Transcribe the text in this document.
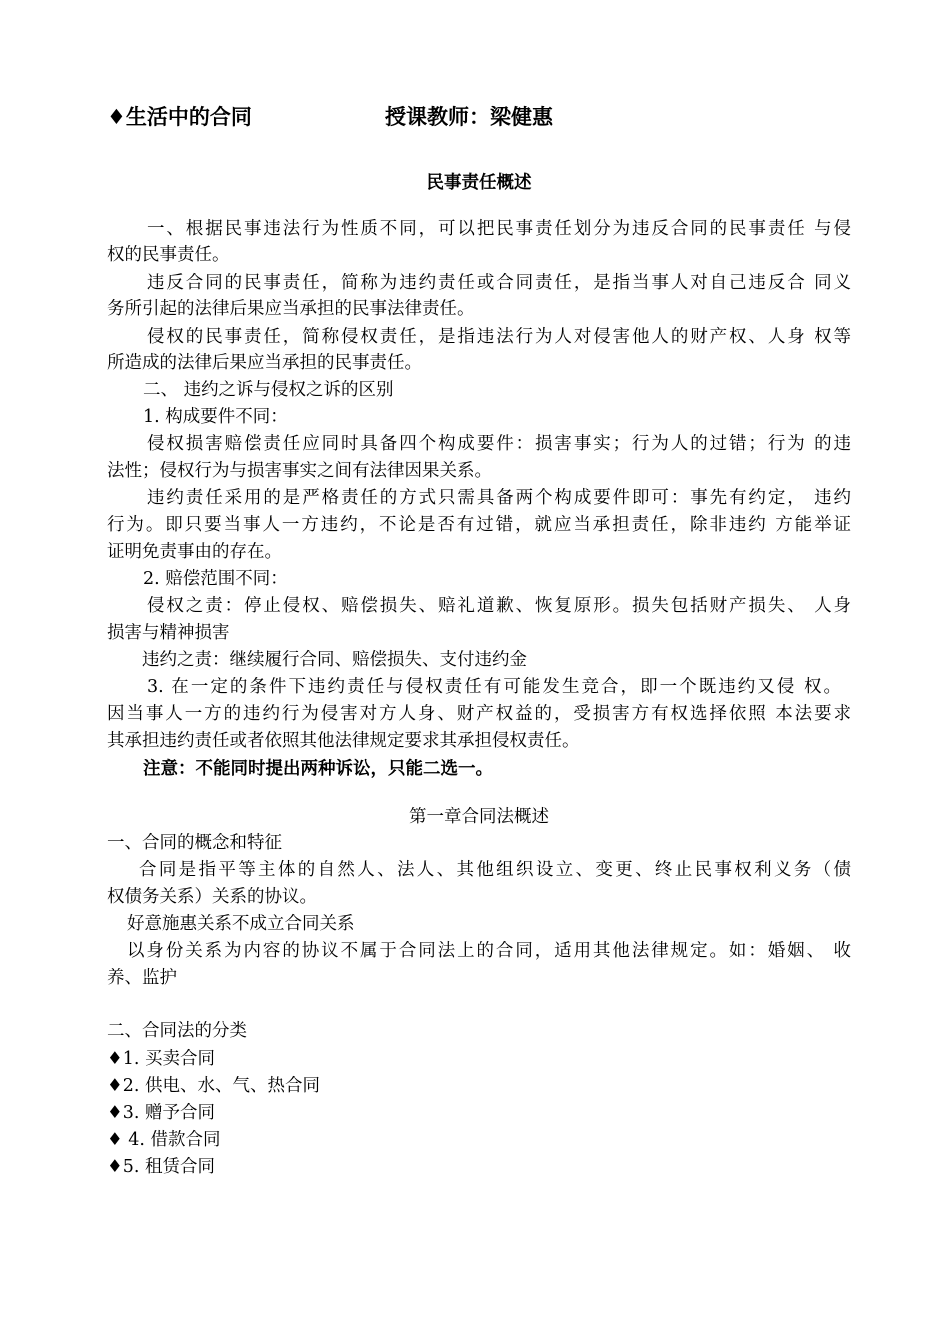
♦生活中的合同	授课教师：梁健惠
民事责任概述
一、根据民事违法行为性质不同，可以把民事责任划分为违反合同的民事责任 与侵
权的民事责任。
违反合同的民事责任，简称为违约责任或合同责任，是指当事人对自己违反合 同义
务所引起的法律后果应当承担的民事法律责任。
侵权的民事责任，简称侵权责任，是指违法行为人对侵害他人的财产权、人身 权等
所造成的法律后果应当承担的民事责任。
二、 违约之诉与侵权之诉的区别
1. 构成要件不同：
侵权损害赔偿责任应同时具备四个构成要件：损害事实；行为人的过错；行为 的违
法性；侵权行为与损害事实之间有法律因果关系。
违约责任采用的是严格责任的方式只需具备两个构成要件即可：事先有约定， 违约
行为。即只要当事人一方违约，不论是否有过错，就应当承担责任，除非违约 方能举证
证明免责事由的存在。
2. 赔偿范围不同：
侵权之责：停止侵权、赔偿损失、赔礼道歉、恢复原形。损失包括财产损失、 人身
损害与精神损害
违约之责：继续履行合同、赔偿损失、支付违约金
3. 在一定的条件下违约责任与侵权责任有可能发生竞合，即一个既违约又侵 权。
因当事人一方的违约行为侵害对方人身、财产权益的，受损害方有权选择依照 本法要求
其承担违约责任或者依照其他法律规定要求其承担侵权责任。
注意：不能同时提出两种诉讼，只能二选一。
第一章合同法概述
一、合同的概念和特征
合同是指平等主体的自然人、法人、其他组织设立、变更、终止民事权利义务（债
权债务关系）关系的协议。
好意施惠关系不成立合同关系
以身份关系为内容的协议不属于合同法上的合同，适用其他法律规定。如：婚姻、 收
养、监护
二、合同法的分类
♦1. 买卖合同
♦2. 供电、水、气、热合同
♦3. 赠予合同
♦ 4. 借款合同
♦5. 租赁合同
